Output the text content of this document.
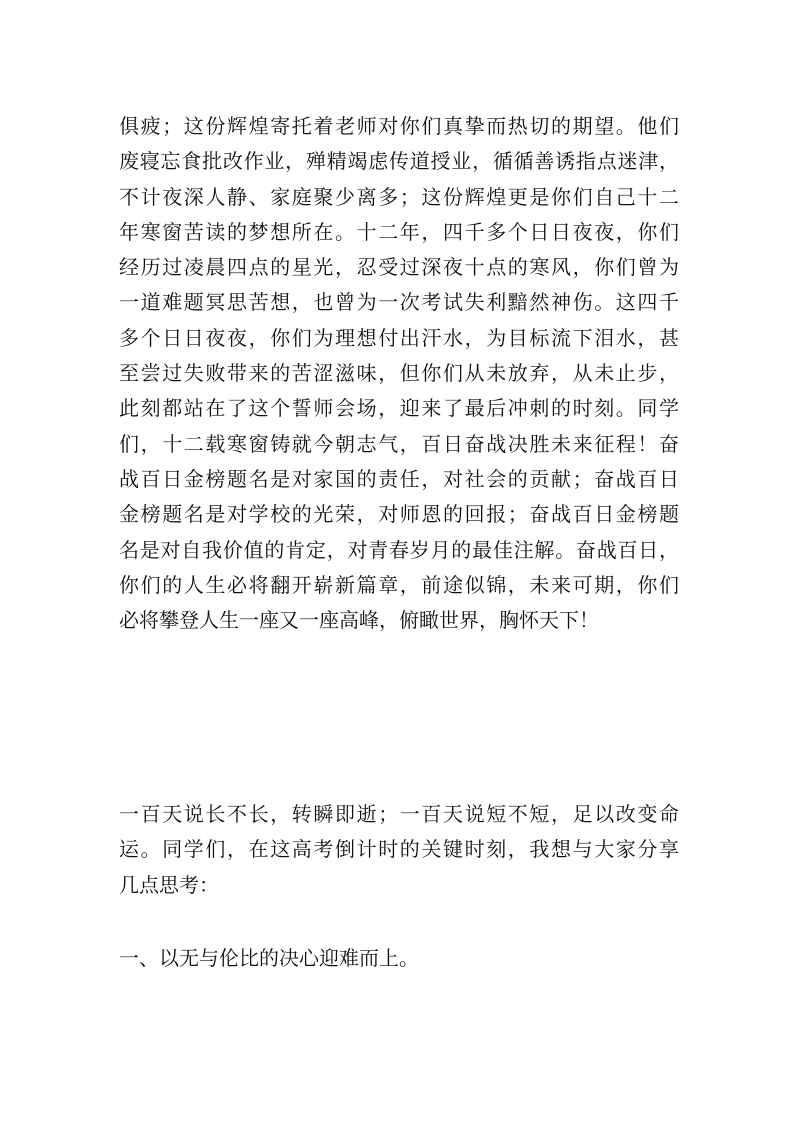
俱疲；这份辉煌寄托着老师对你们真挚而热切的期望。他们
废寝忘食批改作业，殚精竭虑传道授业，循循善诱指点迷津，
不计夜深人静、家庭聚少离多；这份辉煌更是你们自己十二
年寒窗苦读的梦想所在。十二年，四千多个日日夜夜，你们
经历过凌晨四点的星光，忍受过深夜十点的寒风，你们曾为
一道难题冥思苦想，也曾为一次考试失利黯然神伤。这四千
多个日日夜夜，你们为理想付出汗水，为目标流下泪水，甚
至尝过失败带来的苦涩滋味，但你们从未放弃，从未止步，
此刻都站在了这个誓师会场，迎来了最后冲刺的时刻。同学
们，十二载寒窗铸就今朝志气，百日奋战决胜未来征程！奋
战百日金榜题名是对家国的责任，对社会的贡献；奋战百日
金榜题名是对学校的光荣，对师恩的回报；奋战百日金榜题
名是对自我价值的肯定，对青春岁月的最佳注解。奋战百日，
你们的人生必将翻开崭新篇章，前途似锦，未来可期，你们
必将攀登人生一座又一座高峰，俯瞰世界，胸怀天下！
一百天说长不长，转瞬即逝；一百天说短不短，足以改变命
运。同学们，在这高考倒计时的关键时刻，我想与大家分享
几点思考：
一、以无与伦比的决心迎难而上。
